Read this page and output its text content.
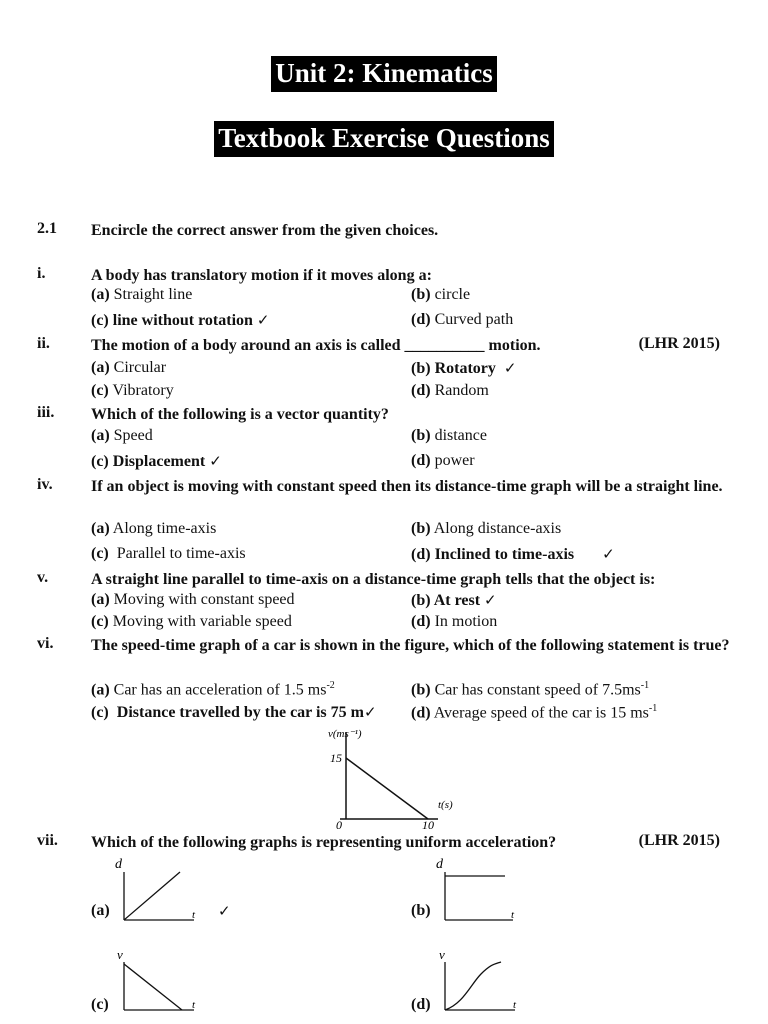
Unit 2: Kinematics
Textbook Exercise Questions
2.1 Encircle the correct answer from the given choices.
i.	A body has translatory motion if it moves along a:
(a) Straight line	(b) circle
(c) line without rotation ✓	(d) Curved path
ii.	The motion of a body around an axis is called __________ motion.	(LHR 2015)
(a) Circular	(b) Rotatory ✓
(c) Vibratory	(d) Random
iii. Which of the following is a vector quantity?
(a) Speed	(b) distance
(c) Displacement ✓	(d) power
iv. If an object is moving with constant speed then its distance-time graph will be a straight line.
(a) Along time-axis	(b) Along distance-axis
(c) Parallel to time-axis	(d) Inclined to time-axis ✓
v.	A straight line parallel to time-axis on a distance-time graph tells that the object is:
(a) Moving with constant speed	(b) At rest ✓
(c) Moving with variable speed	(d) In motion
vi. The speed-time graph of a car is shown in the figure, which of the following statement is true?
(a) Car has an acceleration of 1.5 $ms^{-2}$	(b) Car has constant speed of $7.5ms^{-1}$
(c) Distance travelled by the car is 75 m✓ (d) Average speed of the car is 15 $ms^{-1}$
v(ms⁻¹)
15
t(s)
10
0
vii. Which of the following graphs is representing uniform acceleration?	(LHR 2015)
(a)
d
t ✓	(b)
d
t
(c)
v
t	(d)
v
t
